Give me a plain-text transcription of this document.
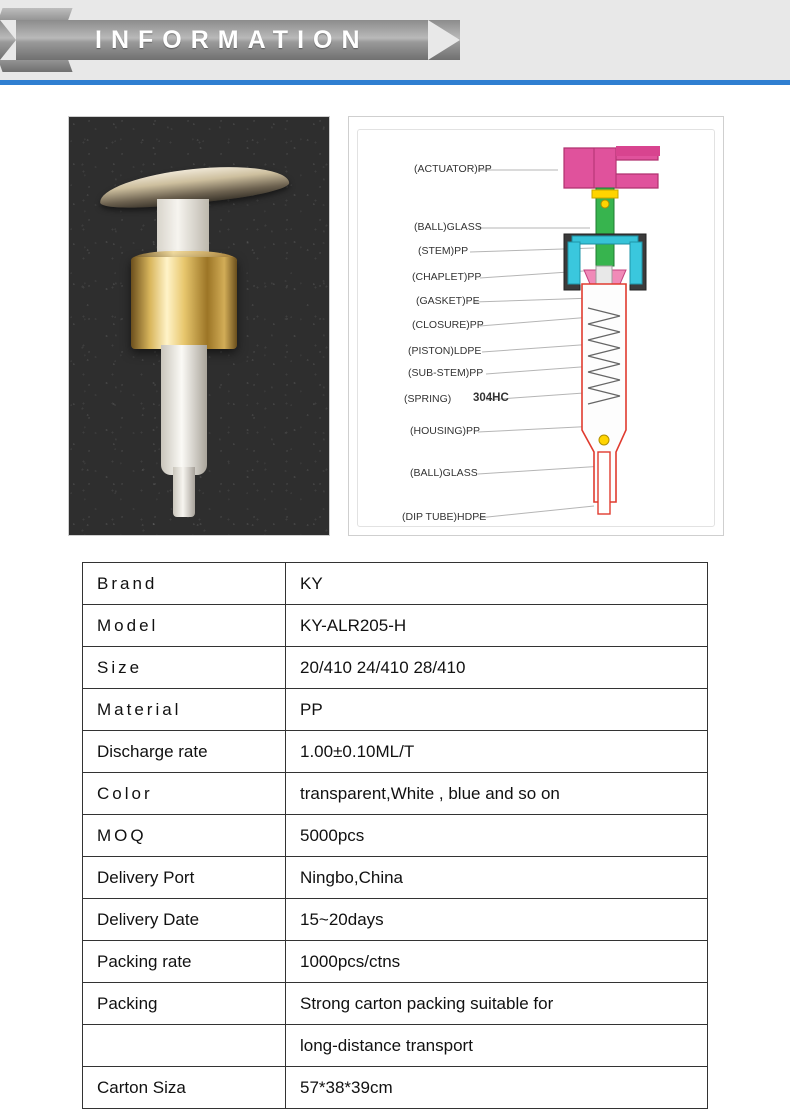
INFORMATION
(ACTUATOR)PP
(BALL)GLASS
(STEM)PP
(CHAPLET)PP
(GASKET)PE
(CLOSURE)PP
(PISTON)LDPE
(SUB-STEM)PP
(SPRING) 304HC
(HOUSING)PP
(BALL)GLASS
(DIP TUBE)HDPE
Brand	KY
Model	KY-ALR205-H
Size	20/410 24/410 28/410
Material	PP
Discharge rate	1.00±0.10ML/T
Color	transparent,White , blue and so on
MOQ	5000pcs
Delivery Port	Ningbo,China
Delivery Date	15~20days
Packing rate	1000pcs/ctns
Packing	Strong carton packing suitable for
	long-distance transport
Carton Siza	57*38*39cm
